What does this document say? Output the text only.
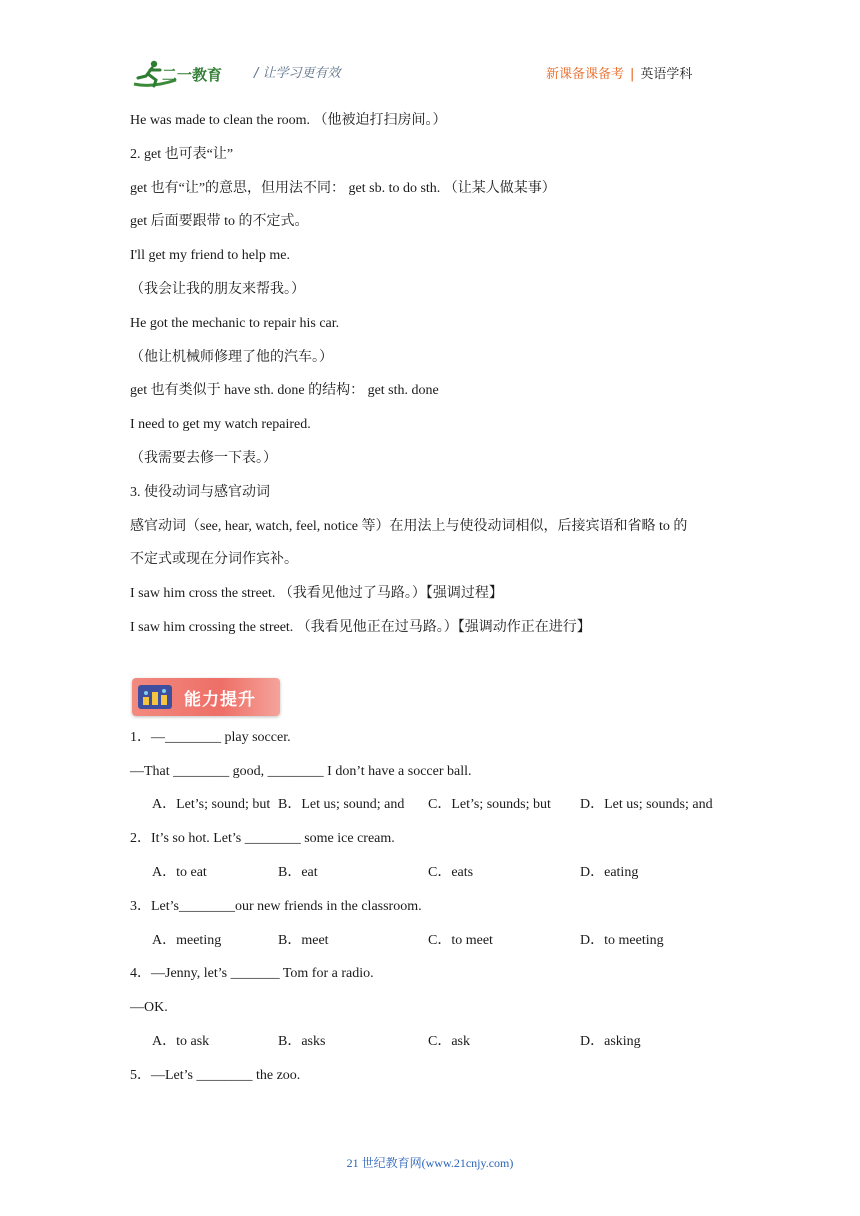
二一教育 / 让学习更有效	新课备课备考 | 英语学科
He was made to clean the room. （他被迫打扫房间。）
2. get 也可表“让”
get 也有“让”的意思，但用法不同： get sb. to do sth. （让某人做某事）
get 后面要跟带 to 的不定式。
I'll get my friend to help me.
（我会让我的朋友来帮我。）
He got the mechanic to repair his car.
（他让机械师修理了他的汽车。）
get 也有类似于 have sth. done 的结构： get sth. done
I need to get my watch repaired.
（我需要去修一下表。）
3. 使役动词与感官动词
感官动词（see, hear, watch, feel, notice 等）在用法上与使役动词相似，后接宾语和省略 to 的
不定式或现在分词作宾补。
I saw him cross the street. （我看见他过了马路。）【强调过程】
I saw him crossing the street. （我看见他正在过马路。）【强调动作正在进行】
能力提升
1．—________ play soccer.
—That ________ good, ________ I don’t have a soccer ball.
A．Let’s; sound; but B．Let us; sound; and C．Let’s; sounds; but D．Let us; sounds; and
2．It’s so hot. Let’s ________ some ice cream.
A．to eat	B．eat	C．eats	D．eating
3．Let’s________our new friends in the classroom.
A．meeting	B．meet	C．to meet	D．to meeting
4．—Jenny, let’s _______ Tom for a radio.
—OK.
A．to ask	B．asks	C．ask	D．asking
5．—Let’s ________ the zoo.
21 世纪教育网(www.21cnjy.com)
